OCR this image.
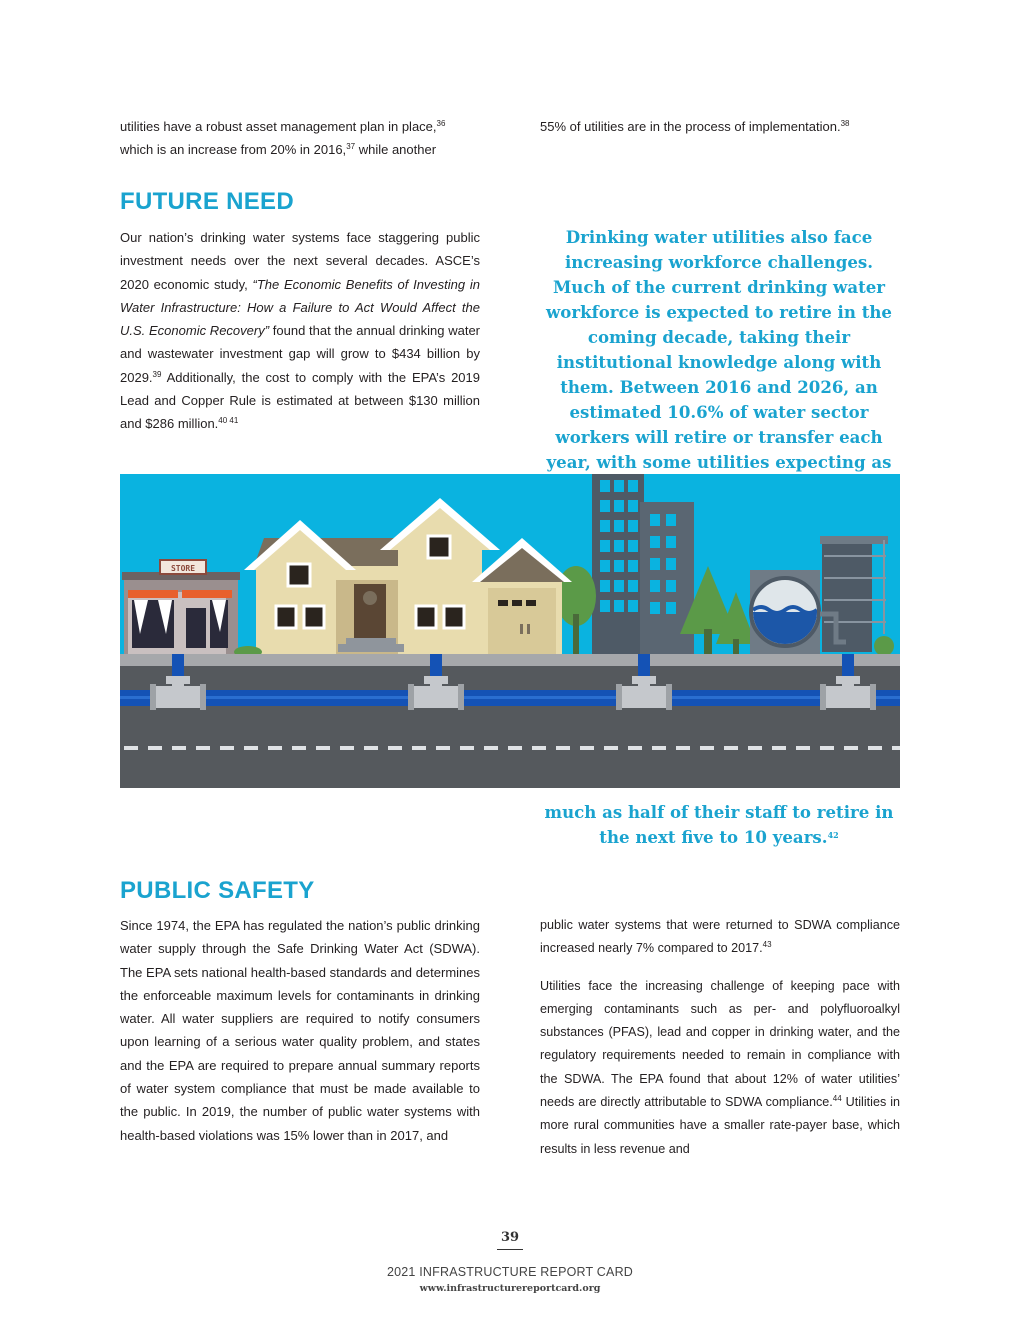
utilities have a robust asset management plan in place,$^{36}$
which is an increase from 20% in 2016,37 while another

55% of utilities are in the process of implementation.$^{38}$

FUTURE NEED

Our nation’s drinking water systems face staggering public investment needs over the next several decades. ASCE’s 2020 economic study, “The Economic Benefits of Investing in Water Infrastructure: How a Failure to Act Would Affect the U.S. Economic Recovery” found that the annual drinking water and wastewater investment gap will grow to $434 billion by 2029.39 Additionally, the cost to comply with the EPA’s 2019 Lead and Copper Rule is estimated at between $130 million and $286 million.$^{40 41}$

Drinking water utilities also face increasing workforce challenges. Much of the current drinking water workforce is expected to retire in the coming decade, taking their institutional knowledge along with them. Between 2016 and 2026, an estimated 10.6% of water sector workers will retire or transfer each year, with some utilities expecting as
much as half of their staff to retire in the next five to 10 years.$^{42}$
STORE
PUBLIC SAFETY

Since 1974, the EPA has regulated the nation’s public drinking water supply through the Safe Drinking Water Act (SDWA). The EPA sets national health-based standards and determines the enforceable maximum levels for contaminants in drinking water. All water suppliers are required to notify consumers upon learning of a serious water quality problem, and states and the EPA are required to prepare annual summary reports of water system compliance that must be made available to the public. In 2019, the number of public water systems with health-based violations was 15% lower than in 2017, and

public water systems that were returned to SDWA compliance increased nearly 7% compared to 2017.43

Utilities face the increasing challenge of keeping pace with emerging contaminants such as per- and polyfluoroalkyl substances (PFAS), lead and copper in drinking water, and the regulatory requirements needed to remain in compliance with the SDWA. The EPA found that about 12% of water utilities’ needs are directly attributable to SDWA compliance.$^{44}$ Utilities in more rural communities have a smaller rate-payer base, which results in less revenue and

39
2021 INFRASTRUCTURE REPORT CARD
www.infrastructurereportcard.org
